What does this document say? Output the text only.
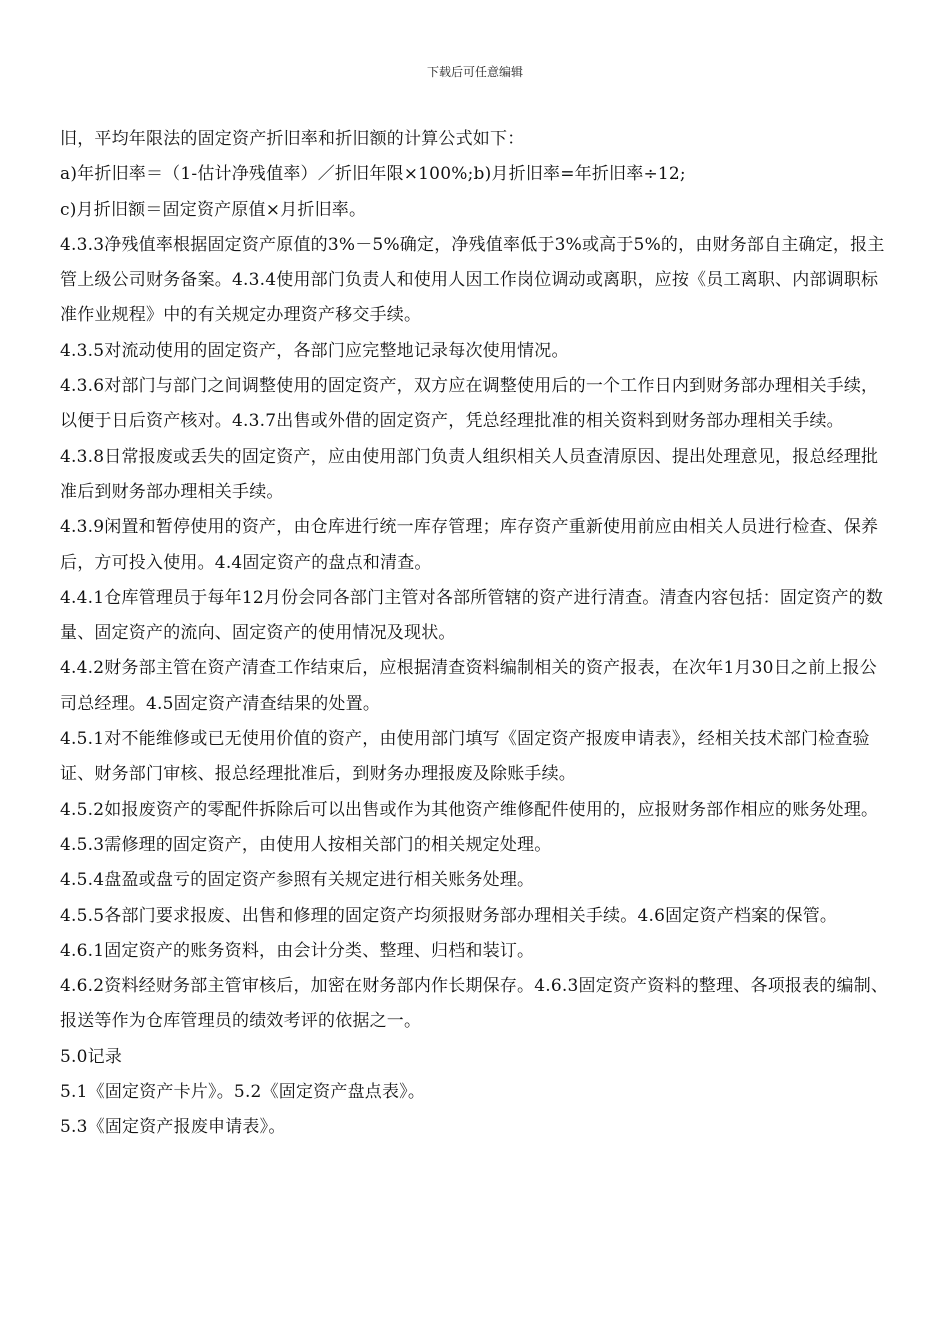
下载后可任意编辑

旧，平均年限法的固定资产折旧率和折旧额的计算公式如下：

a)年折旧率＝（1-估计净残值率）／折旧年限×100%;b)月折旧率=年折旧率÷12;

c)月折旧额＝固定资产原值×月折旧率。

4.3.3净残值率根据固定资产原值的3%－5%确定，净残值率低于3%或高于5%的，由财务部自主确定，报主管上级公司财务备案。4.3.4使用部门负责人和使用人因工作岗位调动或离职，应按《员工离职、内部调职标准作业规程》中的有关规定办理资产移交手续。

4.3.5对流动使用的固定资产，各部门应完整地记录每次使用情况。

4.3.6对部门与部门之间调整使用的固定资产，双方应在调整使用后的一个工作日内到财务部办理相关手续，以便于日后资产核对。4.3.7出售或外借的固定资产，凭总经理批准的相关资料到财务部办理相关手续。

4.3.8日常报废或丢失的固定资产，应由使用部门负责人组织相关人员查清原因、提出处理意见，报总经理批准后到财务部办理相关手续。

4.3.9闲置和暂停使用的资产，由仓库进行统一库存管理；库存资产重新使用前应由相关人员进行检查、保养后，方可投入使用。4.4固定资产的盘点和清查。

4.4.1仓库管理员于每年12月份会同各部门主管对各部所管辖的资产进行清查。清查内容包括：固定资产的数量、固定资产的流向、固定资产的使用情况及现状。

4.4.2财务部主管在资产清查工作结束后，应根据清查资料编制相关的资产报表，在次年1月30日之前上报公司总经理。4.5固定资产清查结果的处置。

4.5.1对不能维修或已无使用价值的资产，由使用部门填写《固定资产报废申请表》，经相关技术部门检查验证、财务部门审核、报总经理批准后，到财务办理报废及除账手续。

4.5.2如报废资产的零配件拆除后可以出售或作为其他资产维修配件使用的，应报财务部作相应的账务处理。4.5.3需修理的固定资产，由使用人按相关部门的相关规定处理。

4.5.4盘盈或盘亏的固定资产参照有关规定进行相关账务处理。

4.5.5各部门要求报废、出售和修理的固定资产均须报财务部办理相关手续。4.6固定资产档案的保管。

4.6.1固定资产的账务资料，由会计分类、整理、归档和装订。

4.6.2资料经财务部主管审核后，加密在财务部内作长期保存。4.6.3固定资产资料的整理、各项报表的编制、报送等作为仓库管理员的绩效考评的依据之一。

5.0记录

5.1《固定资产卡片》。5.2《固定资产盘点表》。

5.3《固定资产报废申请表》。
